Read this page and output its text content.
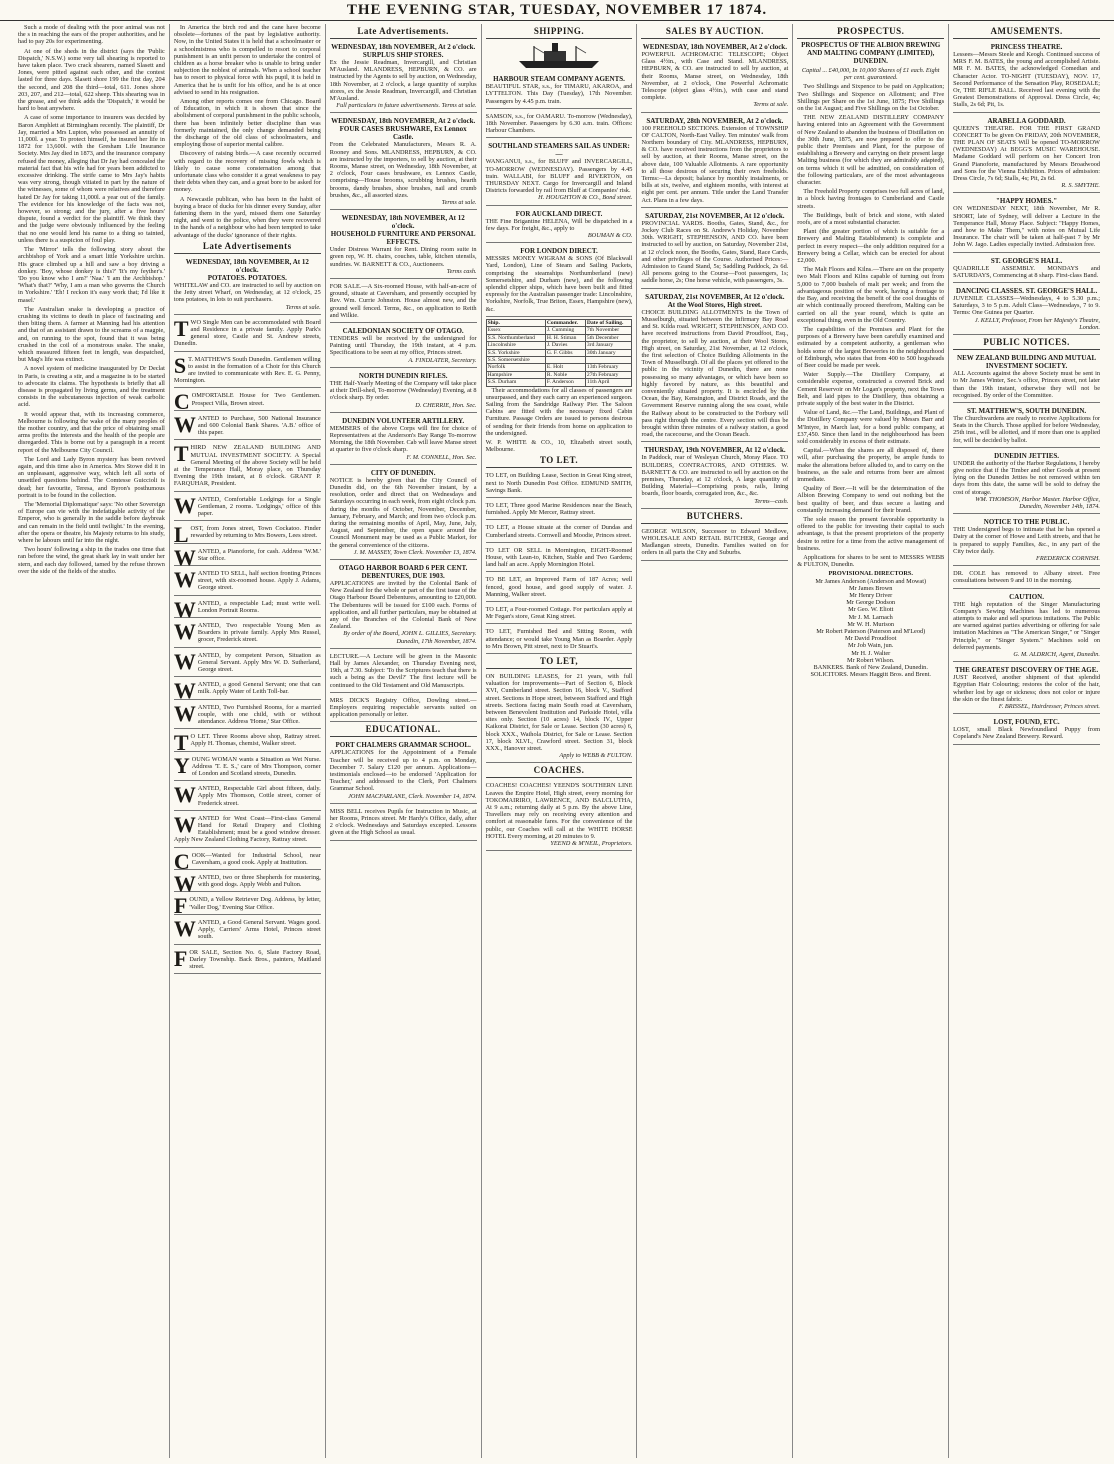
THE EVENING STAR, TUESDAY, NOVEMBER 17 1874.

Such a mode of dealing with the poor animal was not the s in reaching the ears of the proper authorities, and he had to pay 20s for experimenting.

At one of the sheds in the district (says the 'Public Dispatch,' N.S.W.) some very tall shearing is reported to have taken place. Two crack shearers, named Slasett and Jones, were pitted against each other, and the contest lasted for three days. Slasett shore 199 the first day, 204 the second, and 208 the third—total, 611. Jones shore 203, 207, and 212—total, 622 sheep. This shearing was in the grease, and we think adds the 'Dispatch,' it would be hard to beat anywhere.

A case of some importance to insurers was decided by Baron Amphlett at Birmingham recently. The plaintiff, Dr Jay, married a Mrs Lupton, who possessed an annuity of 11,000l. a year. To protect himself, he insured her life in 1872 for 13,600l. with the Gresham Life Insurance Society. Mrs Jay died in 1873, and the insurance company refused the money, alleging that Dr Jay had concealed the material fact that his wife had for years been addicted to excessive drinking. The strife came to Mrs Jay's habits was very strong, though vitiated in part by the nature of the witnesses, some of whom were relatives and therefore hated Dr Jay for taking 11,000l. a year out of the family. The evidence for his knowledge of the facts was not, however, so strong; and the jury, after a five hours' dispute, found a verdict for the plaintiff. We think they and the judge were obviously influenced by the feeling that no one would lend his name to a thing so tainted, unless there is a suspicion of foul play.

The 'Mirror' tells the following story about the archbishop of York and a smart little Yorkshire urchin. His grace climbed up a hill and saw a boy driving a donkey. 'Boy, whose donkey is this?' 'It's my feyther's.' 'Do you know who I am?' 'Naa.' 'I am the Archbishop.' 'What's that?' 'Why, I am a man who governs the Church in Yorkshire.' 'Eh! I reckon it's easy work that; I'd like it masel.'

The Australian snake is developing a practice of crushing its victims to death in place of fascinating and then biting them. A farmer at Manning had his attention and that of an assistant drawn to the screams of a magpie, and, on running to the spot, found that it was being crushed in the coil of a monstrous snake. The snake, which measured fifteen feet in length, was despatched, but Mag's life was extinct.

A novel system of medicine inaugurated by Dr Declat in Paris, is creating a stir, and a magazine is to be started to advocate its claims. The hypothesis is briefly that all disease is propagated by living germs, and the treatment consists in the subcutaneous injection of weak carbolic acid.

It would appear that, with its increasing commerce, Melbourne is following the wake of the many peoples of the mother country, and that the price of obtaining small arms profits the interests and the health of the people are disregarded. This is borne out by a paragraph in a recent report of the Melbourne City Council.

The Lord and Lady Byron mystery has been revived again, and this time also in America. Mrs Stowe did it in an unpleasant, aggressive way, which left all sorts of unsettled questions behind. The Comtesse Guiccioli is dead; her favourite, Teresa, and Byron's posthumous portrait is to be found in the collection.

The 'Memorial Diplomatique' says: 'No other Sovereign of Europe can vie with the indefatigable activity of the Emperor, who is generally in the saddle before daybreak and can remain in the field until twilight.' In the evening, after the opera or theatre, his Majesty returns to his study, where he labours until far into the night.

Two hours' following a ship in the trades one time that ran before the wind, the great shark lay in wait under her stern, and each day followed, tamed by the refuse thrown over the side of the fields of the studio.

In America the birch rod and the cane have become obsolete—fortunes of the past by legislative authority. Now, in the United States it is held that a schoolmaster or a schoolmistress who is compelled to resort to corporal punishment is an unfit person to undertake the control of children as a horse breaker who is unable to bring under subjection the noblest of animals. When a school teacher has to resort to physical force with his pupil, it is held in America that he is unfit for his office, and he is at once advised to send in his resignation.

Among other reports comes one from Chicago. Board of Education, in which it is shown that since the abolishment of corporal punishment in the public schools, there has been infinitely better discipline than was formerly maintained, the only change demanded being the discharge of the old class of schoolmasters, and employing those of superior mental calibre.

Discovery of raising birds.—A case recently occurred with regard to the recovery of missing fowls which is likely to cause some consternation among that unfortunate class who consider it a great weakness to pay their debts when they can, and a great bore to be asked for money.

A Newcastle publican, who has been in the habit of buying a brace of ducks for his dinner every Sunday, after fattening them in the yard, missed them one Saturday night, and went to the police, when they were recovered in the hands of a neighbour who had been tempted to take advantage of the ducks' ignorance of their rights.

Late Advertisements
WEDNESDAY, 18th NOVEMBER, At 12 o'clock.
POTATOES. POTATOES.
WHITELAW and CO. are instructed to sell by auction on the Jetty street Wharf, on Wednesday, at 12 o'clock, 25 tons potatoes, in lots to suit purchasers.
Terms at sale.
TWO Single Men can be accommodated with Board and Residence in a private family. Apply Park's general store, Castle and St. Andrew streets, Dunedin.
S T. MATTHEW'S South Dunedin. Gentlemen willing to assist in the formation of a Choir for this Church are invited to communicate with Rev. E. G. Penny, Mornington.
COMFORTABLE House for Two Gentlemen. Prospect Villa, Brown street.
WANTED to Purchase, 500 National Insurance and 600 Colonial Bank Shares. 'A.B.' office of this paper.
THIRD NEW ZEALAND BUILDING AND MUTUAL INVESTMENT SOCIETY. A Special General Meeting of the above Society will be held at the Temperance Hall, Moray place, on Thursday Evening the 19th instant, at 8 o'clock. GRANT P. FARQUHAR, President.
WANTED, Comfortable Lodgings for a Single Gentleman, 2 rooms. 'Lodgings,' office of this paper.
LOST, from Jones street, Town Cockatoo. Finder rewarded by returning to Mrs Bowers, Lees street.
WANTED, a Pianoforte, for cash. Address 'W.M.' Star office.
WANTED TO SELL, half section fronting Princes street, with six-roomed house. Apply J. Adams, George street.
WANTED, a respectable Lad; must write well. London Portrait Rooms.
WANTED, Two respectable Young Men as Boarders in private family. Apply Mrs Russel, grocer, Frederick street.
WANTED, by competent Person, Situation as General Servant. Apply Mrs W. D. Sutherland, George street.
WANTED, a good General Servant; one that can milk. Apply Water of Leith Toll-bar.
WANTED, Two Furnished Rooms, for a married couple, with one child, with or without attendance. Address 'Home,' Star Office.
T O LET. Three Rooms above shop, Rattray street. Apply H. Thomas, chemist, Walker street.
YOUNG WOMAN wants a Situation as Wet Nurse. Address 'T. E. S.,' care of Mrs Thompson, corner of London and Scotland streets, Dunedin.
WANTED, Respectable Girl about fifteen, daily. Apply Mrs Thomson, Cottle street, corner of Frederick street.
WANTED for West Coast—First-class General Hand for Retail Drapery and Clothing Establishment; must be a good window dresser. Apply New Zealand Clothing Factory, Rattray street.
COOK—Wanted for Industrial School, near Caversham, a good cook. Apply at Institution.
WANTED, two or three Shepherds for mustering, with good dogs. Apply Webb and Fulton.
FOUND, a Yellow Retriever Dog. Address, by letter, 'Valler Dog,' Evening Star Office.
WANTED, a Good General Servant. Wages good. Apply, Carriers' Arms Hotel, Princes street south.
FOR SALE, Section No. 6, Slate Factory Road, Darley Township. Back Bros., painters, Maitland street.
Late Advertisements.
WEDNESDAY, 18th NOVEMBER, At 2 o'clock.
SURPLUS SHIP STORES.
Ex the Jessie Readman, Invercargill, and Christian M'Ausland. MLANDRESS, HEPBURN, & CO. are instructed by the Agents to sell by auction, on Wednesday, 18th November, at 2 o'clock, a large quantity of surplus stores, ex the Jessie Readman, Invercargill, and Christian M'Ausland.
Full particulars in future advertisements. Terms at sale.
WEDNESDAY, 18th NOVEMBER, At 2 o'clock.
FOUR CASES BRUSHWARE, Ex Lennox Castle.
From the Celebrated Manufacturers, Messrs R. A. Rooney and Sons. MLANDRESS, HEPBURN, & CO. are instructed by the importers, to sell by auction, at their Rooms, Manse street, on Wednesday, 18th November, at 2 o'clock, Four cases brushware, ex Lennox Castle, comprising—House brooms, scrubbing brushes, hearth brooms, dandy brushes, shoe brushes, nail and crumb brushes, &c., all assorted sizes.
Terms at sale.
WEDNESDAY, 18th NOVEMBER, At 12 o'clock.
HOUSEHOLD FURNITURE AND PERSONAL EFFECTS.
Under Distress Warrant for Rent. Dining room suite in green rep, W. H. chairs, couches, table, kitchen utensils, sundries. W. BARNETT & CO., Auctioneers.
Terms cash.
FOR SALE.—A Six-roomed House, with half-an-acre of ground, situate at Caversham, and presently occupied by Rev. Wm. Currie Johnston. House almost new, and the ground well fenced. Terms, &c., on application to Reith and Wilkie.
CALEDONIAN SOCIETY OF OTAGO.
TENDERS will be received by the undersigned for Painting until Thursday, the 19th instant, at 4 p.m. Specifications to be seen at my office, Princes street.
A. FINDLATER, Secretary.
NORTH DUNEDIN RIFLES.
THE Half-Yearly Meeting of the Company will take place at their Drill-shed, To-morrow (Wednesday) Evening, at 8 o'clock sharp. By order.
D. CHERRIE, Hon. Sec.
DUNEDIN VOLUNTEER ARTILLERY.
MEMBERS of the above Corps will fire for choice of Representatives at the Anderson's Bay Range To-morrow Morning, the 18th November. Cab will leave Manse street at quarter to five o'clock sharp.
F. M. CONNELL, Hon. Sec.
CITY OF DUNEDIN.
NOTICE is hereby given that the City Council of Dunedin did, on the 6th November instant, by a resolution, order and direct that on Wednesdays and Saturdays occurring in each week, from eight o'clock p.m. during the months of October, November, December, January, February, and March; and from two o'clock p.m. during the remaining months of April, May, June, July, August, and September, the open space around the Council Monument may be used as a Public Market, for the general convenience of the citizens.
J. M. MASSEY, Town Clerk. November 13, 1874.
OTAGO HARBOR BOARD 6 PER CENT. DEBENTURES, DUE 1903.
APPLICATIONS are invited by the Colonial Bank of New Zealand for the whole or part of the first issue of the Otago Harbour Board Debentures, amounting to £20,000. The Debentures will be issued for £100 each. Forms of application, and all further particulars, may be obtained at any of the Branches of the Colonial Bank of New Zealand.
By order of the Board, JOHN L. GILLIES, Secretary. Dunedin, 17th November, 1874.
LECTURE.—A Lecture will be given in the Masonic Hall by James Alexander, on Thursday Evening next, 19th, at 7.30. Subject: 'To the Scriptures teach that there is such a being as the Devil?' The first lecture will be continued to the Old Testament and Old Manuscripts.
MRS DICK'S Registry Office, Dowling street.—Employers requiring respectable servants suited on application personally or letter.
EDUCATIONAL.
PORT CHALMERS GRAMMAR SCHOOL.
APPLICATIONS for the Appointment of a Female Teacher will be received up to 4 p.m. on Monday, December 7. Salary £120 per annum. Applications—testimonials enclosed—to be endorsed 'Application for Teacher,' and addressed to the Clerk, Port Chalmers Grammar School.
JOHN MACFARLANE, Clerk. November 14, 1874.
MISS BELL receives Pupils for Instruction in Music, at her Rooms, Princes street. Mr Hardy's Office, daily, after 2 o'clock. Wednesdays and Saturdays excepted. Lessons given at the High School as usual.
SHIPPING.
HARBOUR STEAM COMPANY AGENTS.
BEAUTIFUL STAR, s.s., for TIMARU, AKAROA, and LYTTELTON. This Day (Tuesday), 17th November. Passengers by 4.45 p.m. train.
SAMSON, s.s., for OAMARU. To-morrow (Wednesday), 18th November. Passengers by 6.30 a.m. train. Offices: Harbour Chambers.
SOUTHLAND STEAMERS SAIL AS UNDER:—
WANGANUI, s.s., for BLUFF and INVERCARGILL, TO-MORROW (WEDNESDAY). Passengers by 4.45 train. WALLABI, for BLUFF and RIVERTON, on THURSDAY NEXT. Cargo for Invercargill and Inland Districts forwarded by rail from Bluff at Companies' risk.
H. HOUGHTON & CO., Bond street.
FOR AUCKLAND DIRECT.
THE Fine Brigantine HELENA, Will be dispatched in a few days. For freight, &c., apply to
BOUMAN & CO.
FOR LONDON DIRECT.
MESSRS MONEY WIGRAM & SONS (Of Blackwall Yard, London), Line of Steam and Sailing Packets, comprising the steamships Northumberland (new) Somersetshire, and Durham (new), and the following splendid clipper ships, which have been built and fitted expressly for the Australian passenger trade: Lincolnshire, Yorkshire, Norfolk, True Briton, Essex, Hampshire (new), &c.
Ship.	Commander.	Date of Sailing.
Essex	J. Cumming	7th November
S.S. Northumberland	H. H. Stiman	5th December
Lincolnshire	J. Davies	3rd January
S.S. Yorkshire	G. F. Gibbs	30th January
S.S. Somersetshire		
Norfolk	E. Holt	13th February
Hampshire	R. Noble	27th February
S.S. Durham	F. Anderson	11th April

Their accommodations for all classes of passengers are unsurpassed, and they each carry an experienced surgeon. Sailing from the Sandridge Railway Pier. The Saloon Cabins are fitted with the necessary fixed Cabin Furniture. Passage Orders are issued to persons desirous of sending for their friends from home on application to the undersigned.

W. P. WHITE & CO., 10, Elizabeth street south, Melbourne.
TO LET.
TO LET, on Building Lease, Section in Great King street, next to North Dunedin Post Office. EDMUND SMITH, Savings Bank.
TO LET, Three good Marine Residences near the Beach, furnished. Apply Mr Mercer, Rattray street.
TO LET, a House situate at the corner of Dundas and Cumberland streets. Cornwell and Moodie, Princes street.
TO LET OR SELL in Mornington, EIGHT-Roomed House, with Lean-to, Kitchen, Stable and Two Gardens; land half an acre. Apply Mornington Hotel.
TO BE LET, an Improved Farm of 187 Acres; well fenced, good house, and good supply of water. J. Manning, Walker street.
TO LET, a Four-roomed Cottage. For particulars apply at Mr Fegan's store, Great King street.
TO LET, Furnished Bed and Sitting Room, with attendance; or would take Young Man as Boarder. Apply to Mrs Brown, Pitt street, next to Dr Stuart's.
TO LET,
ON BUILDING LEASES, for 21 years, with full valuation for improvements—Part of Section 6, Block XVI, Cumberland street. Section 16, block V., Stafford street. Sections in Hope street, between Stafford and High streets. Sections facing main South road at Caversham, between Benevolent Institution and Parkside Hotel, villa sites only. Section (10 acres) 14, block IV., Upper Kaikorai District, for Sale or Lease. Section (30 acres) 6, block XXX., Waihola District, for Sale or Lease. Section 17, block XLVI., Crawford street. Section 31, block XXX., Hanover street.
Apply to WEBB & FULTON.
COACHES.
COACHES! COACHES! YEEND'S SOUTHERN LINE Leaves the Empire Hotel, High street, every morning for TOKOMAIRIRO, LAWRENCE, AND BALCLUTHA, At 9 a.m.; returning daily at 5 p.m. By the above Line, Travellers may rely on receiving every attention and comfort at reasonable fares. For the convenience of the public, our Coaches will call at the WHITE HORSE HOTEL Every morning, at 20 minutes to 9.
YEEND & M'NEIL, Proprietors.
SALES BY AUCTION.
WEDNESDAY, 18th NOVEMBER, At 2 o'clock.
POWERFUL ACHROMATIC TELESCOPE; Object Glass 4½in., with Case and Stand. MLANDRESS, HEPBURN, & CO. are instructed to sell by auction, at their Rooms, Manse street, on Wednesday, 18th November, at 2 o'clock, One Powerful Achromatic Telescope (object glass 4½in.), with case and stand complete.
Terms at sale.
SATURDAY, 28th NOVEMBER, At 2 o'clock.
100 FREEHOLD SECTIONS. Extension of TOWNSHIP OF CALTON, North-East Valley. Ten minutes' walk from Northern boundary of City. MLANDRESS, HEPBURN, & CO. have received instructions from the proprietors to sell by auction, at their Rooms, Manse street, on the above date, 100 Valuable Allotments. A rare opportunity to all those desirous of securing their own freeholds. Terms:—Ls deposit; balance by monthly instalments, or bills at six, twelve, and eighteen months, with interest at eight per cent. per annum. Title under the Land Transfer Act. Plans in a few days.
SATURDAY, 21st NOVEMBER, At 12 o'clock.
PROVINCIAL YARDS. Booths, Gates, Stand, &c., for Jockey Club Races on St. Andrew's Holiday, November 30th. WRIGHT, STEPHENSON, AND CO. have been instructed to sell by auction, on Saturday, November 21st, at 12 o'clock noon, the Booths, Gates, Stand, Race Cards, and other privileges of the Course. Authorised Prices:—Admission to Grand Stand, 5s; Saddling Paddock, 2s 6d. All persons going to the Course—Foot passengers, 1s; saddle horse, 2s; One horse vehicle, with passengers, 3s.
SATURDAY, 21st NOVEMBER, At 12 o'clock. At the Wool Stores, High street.
CHOICE BUILDING ALLOTMENTS In the Town of Musselburgh, situated between the Infirmary Bay Road and St. Kilda road. WRIGHT, STEPHENSON, AND CO. have received instructions from David Proudfoot, Esq., the proprietor, to sell by auction, at their Wool Stores, High street, on Saturday, 21st November, at 12 o'clock, the first selection of Choice Building Allotments in the Town of Musselburgh. Of all the places yet offered to the public in the vicinity of Dunedin, there are none possessing so many advantages, or which have been so highly favored by nature, as this beautiful and conveniently situated property. It is encircled by the Ocean, the Bay, Kensington, and District Roads, and the Government Reserve running along the sea coast, while the Railway about to be constructed to the Forbury will pass right through the centre. Every section will thus be brought within three minutes of a railway station, a good road, the racecourse, and the Ocean Beach.
THURSDAY, 19th NOVEMBER, At 12 o'clock.
In Paddock, rear of Wesleyan Church, Moray Place. TO BUILDERS, CONTRACTORS, AND OTHERS. W. BARNETT & CO. are instructed to sell by auction on the premises, Thursday, at 12 o'clock, A large quantity of Building Material—Comprising posts, rails, lining boards, floor boards, corrugated iron, &c., &c.
Terms—cash.
BUTCHERS.
GEORGE WILSON, Successor to Edward Medlove, WHOLESALE AND RETAIL BUTCHER, George and Madlangan streets, Dunedin. Families waited on for orders in all parts the City and Suburbs.
PROSPECTUS.
PROSPECTUS OF THE ALBION BREWING AND MALTING COMPANY (LIMITED), DUNEDIN.
Capital ... £40,000, In 10,000 Shares of £1 each. Eight per cent. guaranteed.

Two Shillings and Sixpence to be paid on Application; Two Shillings and Sixpence on Allotment; and Five Shillings per Share on the 1st June, 1875; Five Shillings on the 1st August; and Five Shillings on the 1st October.

THE NEW ZEALAND DISTILLERY COMPANY having entered into an Agreement with the Government of New Zealand to abandon the business of Distillation on the 30th June, 1875, are now prepared to offer to the public their Premises and Plant, for the purpose of establishing a Brewery and carrying on their present large Malting business (for which they are admirably adapted), on terms which it will be admitted, on consideration of the following particulars, are of the most advantageous character.

The Freehold Property comprises two full acres of land, in a block having frontages to Cumberland and Castle streets.

The Buildings, built of brick and stone, with slated roofs, are of a most substantial character.

Plant (the greater portion of which is suitable for a Brewery and Malting Establishment) is complete and perfect in every respect—the only addition required for a Brewery being a Cellar, which can be erected for about £2,000.

The Malt Floors and Kilns.—There are on the property two Malt Floors and Kilns capable of turning out from 5,000 to 7,000 bushels of malt per week; and from the advantageous position of the work, having a frontage to the Bay, and receiving the benefit of the cool draughts of air which continually proceed therefrom, Malting can be carried on all the year round, which is quite an exceptional thing, even in the Old Country.

The capabilities of the Premises and Plant for the purposes of a Brewery have been carefully examined and estimated by a competent authority, a gentleman who holds some of the largest Breweries in the neighbourhood of Edinburgh, who states that from 400 to 500 hogsheads of Beer could be made per week.

Water Supply.—The Distillery Company, at considerable expense, constructed a covered Brick and Cement Reservoir on Mr Logan's property, next the Town Belt, and laid pipes to the Distillery, thus obtaining a private supply of the best water in the District.

Value of Land, &c.—The Land, Buildings, and Plant of the Distillery Company were valued by Messrs Barr and M'Intyre, in March last, for a bond public company, at £37,450. Since then land in the neighbourhood has been sold considerably in excess of their estimate.

Capital.—When the shares are all disposed of, there will, after purchasing the property, be ample funds to make the alterations before alluded to, and to carry on the business, as the sale and returns from beer are almost immediate.

Quality of Beer.—It will be the determination of the Albion Brewing Company to send out nothing but the best quality of beer, and thus secure a lasting and constantly increasing demand for their brand.

The sole reason the present favorable opportunity is offered to the public for investing their capital to such advantage, is that the present proprietors of the property desire to retire for a time from the active management of business.

Applications for shares to be sent to MESSRS WEBB & FULTON, Dunedin.

PROVISIONAL DIRECTORS.
Mr James Anderson (Anderson and Mowat)
Mr James Brown
Mr Henry Driver
Mr George Dodson
Mr Geo. W. Eliott
Mr J. M. Larnach
Mr W. H. Murison
Mr Robert Paterson (Paterson and M'Leod)
Mr David Proudfoot
Mr Job Wain, jun.
Mr H. J. Walter
Mr Robert Wilson.
BANKERS. Bank of New Zealand, Dunedin. SOLICITORS. Messrs Haggitt Bros. and Brent.
AMUSEMENTS.
PRINCESS THEATRE.
Lessees—Messrs Steele and Keogh. Continued success of MRS F. M. BATES, the young and accomplished Artiste. MR F. M. BATES, the acknowledged Comedian and Character Actor. TO-NIGHT (TUESDAY), NOV. 17, Second Performance of the Sensation Play, ROSEDALE; Or, THE RIFLE BALL. Received last evening with the Greatest Demonstrations of Approval. Dress Circle, 4s; Stalls, 2s 6d; Pit, 1s.
ARABELLA GODDARD.
QUEEN'S THEATRE. FOR THE FIRST GRAND CONCERT To be given On FRIDAY, 20th NOVEMBER, THE PLAN OF SEATS Will be opened TO-MORROW (WEDNESDAY) At BEGG'S MUSIC WAREHOUSE. Madame Goddard will perform on her Concert Iron Grand Pianoforte, manufactured by Messrs Broadwood and Sons for the Vienna Exhibition. Prices of admission: Dress Circle, 7s 6d; Stalls, 4s; Pit, 2s 6d.
R. S. SMYTHE.
"HAPPY HOMES."
ON WEDNESDAY NEXT, 18th November, Mr R. SHORT, late of Sydney, will deliver a Lecture in the Temperance Hall, Moray Place. Subject: "Happy Homes, and how to Make Them," with notes on Mutual Life Insurance. The chair will be taken at half-past 7 by Mr John W. Jago. Ladies especially invited. Admission free.
ST. GEORGE'S HALL.
QUADRILLE ASSEMBLY. MONDAYS and SATURDAYS, Commencing at 8 sharp. First-class Band.
DANCING CLASSES. ST. GEORGE'S HALL.
JUVENILE CLASSES—Wednesdays, 4 to 5.30 p.m.; Saturdays, 3 to 5 p.m. Adult Class—Wednesdays, 7 to 9. Terms: One Guinea per Quarter.
J. KELLY, Professor, From her Majesty's Theatre, London.
PUBLIC NOTICES.
NEW ZEALAND BUILDING AND MUTUAL INVESTMENT SOCIETY.
ALL Accounts against the above Society must be sent in to Mr James Winter, Sec.'s office, Princes street, not later than the 19th instant, otherwise they will not be recognised. By order of the Committee.
ST. MATTHEW'S, SOUTH DUNEDIN.
The Churchwardens are ready to receive Applications for Seats in the Church. Those applied for before Wednesday, 25th inst., will be allotted, and if more than one is applied for, will be decided by ballot.
DUNEDIN JETTIES.
UNDER the authority of the Harbor Regulations, I hereby give notice that if the Timber and other Goods at present lying on the Dunedin Jetties be not removed within ten days from this date, the same will be sold to defray the cost of storage.
WM. THOMSON, Harbor Master. Harbor Office, Dunedin, November 14th, 1874.
NOTICE TO THE PUBLIC.
THE Undersigned begs to intimate that he has opened a Dairy at the corner of Howe and Leith streets, and that he is prepared to supply Families, &c., in any part of the City twice daily.
FREDERICK CORNISH.
DR. COLE has removed to Albany street. Free consultations between 9 and 10 in the morning.
CAUTION.
THE high reputation of the Singer Manufacturing Company's Sewing Machines has led to numerous attempts to make and sell spurious imitations. The Public are warned against parties advertising or offering for sale imitation Machines as "The American Singer," or "Singer Principle," or "Singer System." Machines sold on deferred payments.
G. M. ALDRICH, Agent, Dunedin.
THE GREATEST DISCOVERY OF THE AGE.
JUST Received, another shipment of that splendid Egyptian Hair Colouring; restores the color of the hair, whether lost by age or sickness; does not color or injure the skin or the finest fabric.
F. BRISSEL, Hairdresser, Princes street.
LOST, FOUND, ETC.
LOST, small Black Newfoundland Puppy from Copeland's New Zealand Brewery. Reward.
